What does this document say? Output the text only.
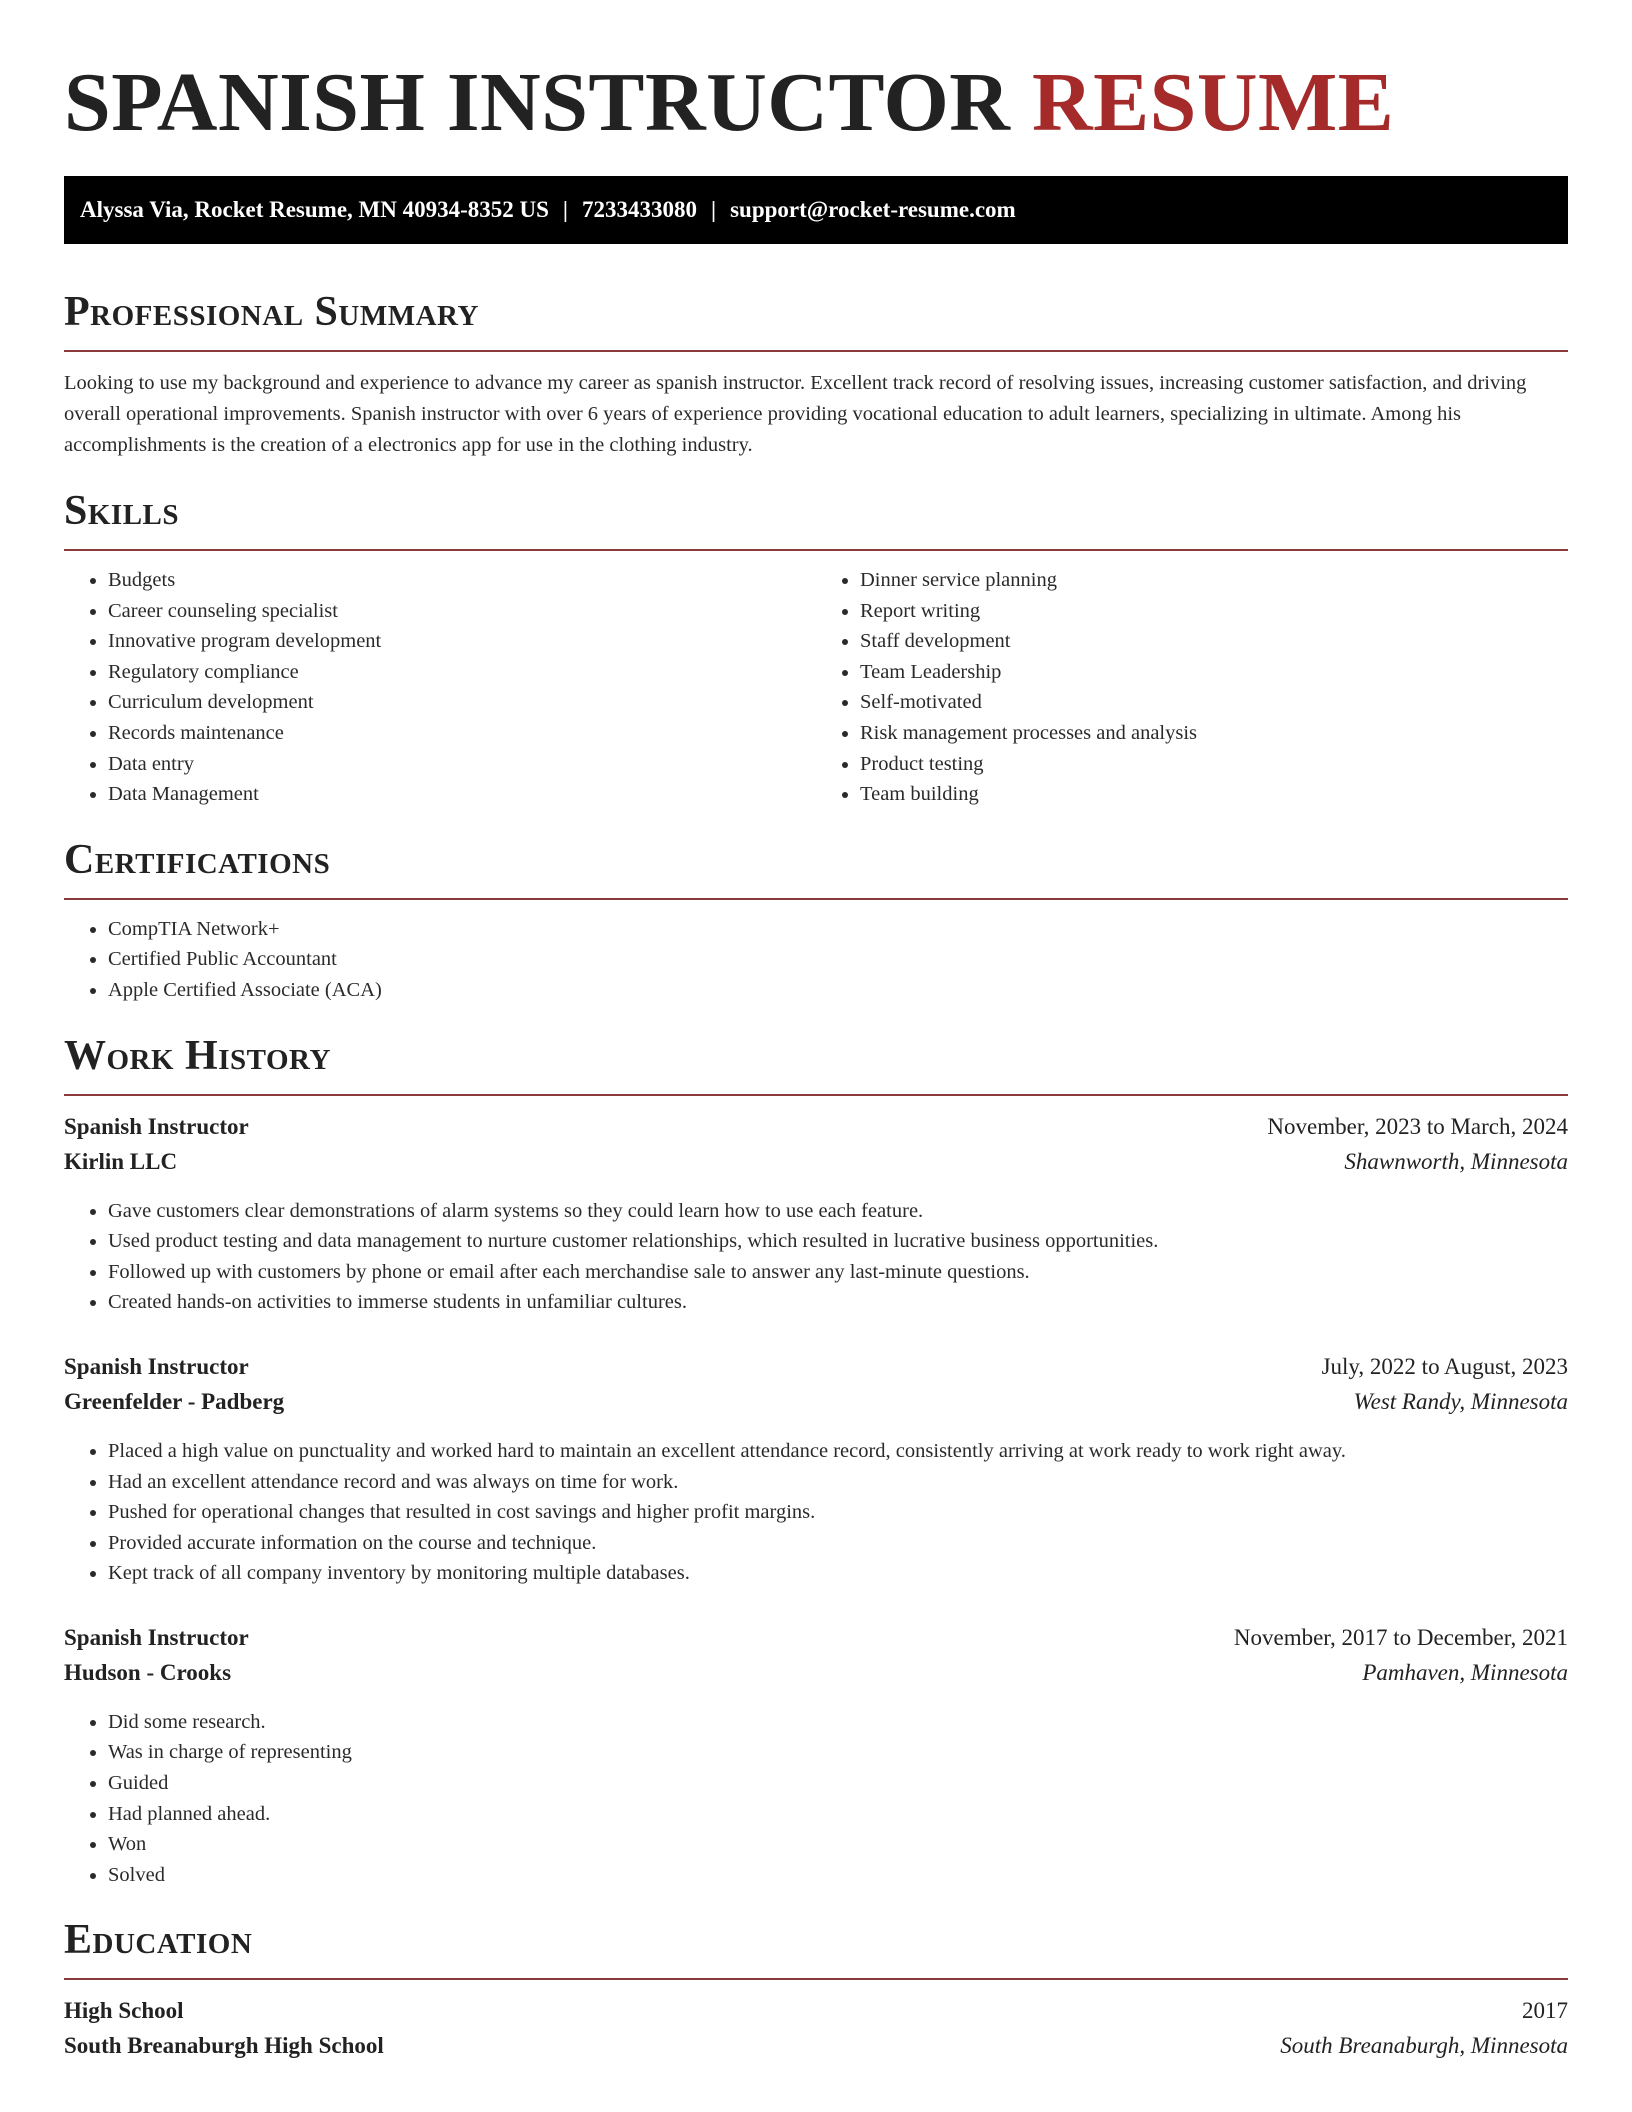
SPANISH INSTRUCTOR RESUME
Alyssa Via, Rocket Resume, MN 40934-8352 US | 7233433080 | support@rocket-resume.com
Professional Summary

Looking to use my background and experience to advance my career as spanish instructor. Excellent track record of resolving issues, increasing customer satisfaction, and driving overall operational improvements. Spanish instructor with over 6 years of experience providing vocational education to adult learners, specializing in ultimate. Among his accomplishments is the creation of a electronics app for use in the clothing industry.

Skills
• Budgets
• Career counseling specialist
• Innovative program development
• Regulatory compliance
• Curriculum development
• Records maintenance
• Data entry
• Data Management
• Dinner service planning
• Report writing
• Staff development
• Team Leadership
• Self-motivated
• Risk management processes and analysis
• Product testing
• Team building
Certifications
• CompTIA Network+
• Certified Public Accountant
• Apple Certified Associate (ACA)
Work History
Spanish Instructor	November, 2023 to March, 2024
Kirlin LLC	Shawnworth, Minnesota
• Gave customers clear demonstrations of alarm systems so they could learn how to use each feature.
• Used product testing and data management to nurture customer relationships, which resulted in lucrative business opportunities.
• Followed up with customers by phone or email after each merchandise sale to answer any last-minute questions.
• Created hands-on activities to immerse students in unfamiliar cultures.
Spanish Instructor	July, 2022 to August, 2023
Greenfelder - Padberg	West Randy, Minnesota
• Placed a high value on punctuality and worked hard to maintain an excellent attendance record, consistently arriving at work ready to work right away.
• Had an excellent attendance record and was always on time for work.
• Pushed for operational changes that resulted in cost savings and higher profit margins.
• Provided accurate information on the course and technique.
• Kept track of all company inventory by monitoring multiple databases.
Spanish Instructor	November, 2017 to December, 2021
Hudson - Crooks	Pamhaven, Minnesota
• Did some research.
• Was in charge of representing
• Guided
• Had planned ahead.
• Won
• Solved
Education
High School	2017
South Breanaburgh High School	South Breanaburgh, Minnesota
